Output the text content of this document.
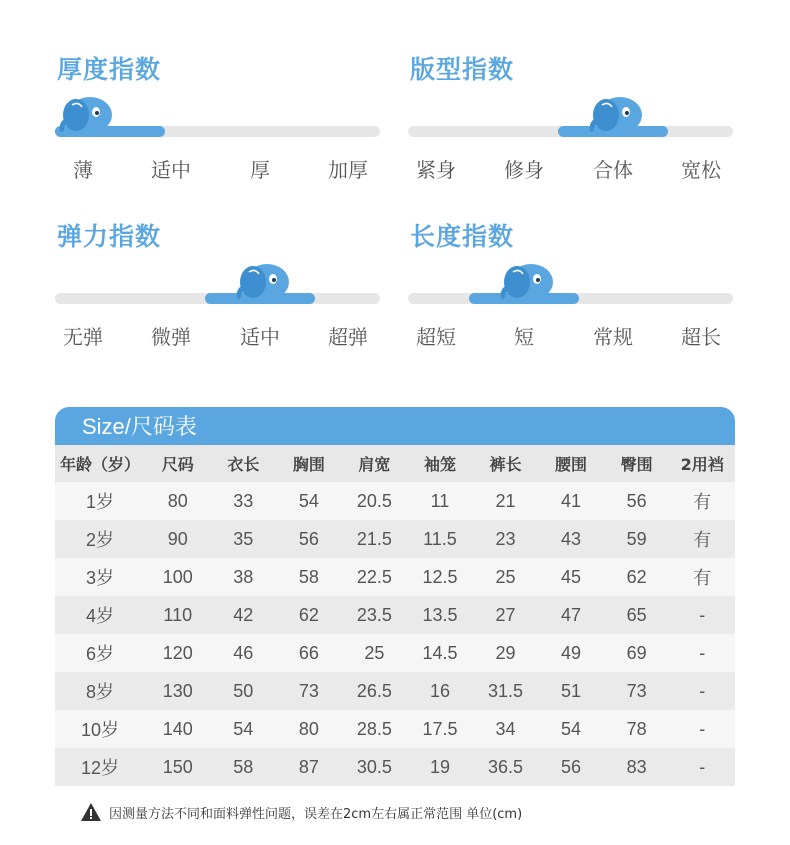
厚度指数
薄	适中	厚	加厚
版型指数
紧身 修身 合体 宽松
弹力指数
无弹 微弹 适中 超弹
长度指数
超短	短	常规 超长
Size/尺码表
年龄（岁）	尺码	衣长	胸围	肩宽	袖笼	裤长	腰围	臀围	2用裆
1岁	80	33	54	20.5	11	21	41	56	有
2岁	90	35	56	21.5	11.5	23	43	59	有
3岁	100	38	58	22.5	12.5	25	45	62	有
4岁	110	42	62	23.5	13.5	27	47	65	-
6岁	120	46	66	25	14.5	29	49	69	-
8岁	130	50	73	26.5	16	31.5	51	73	-
10岁	140	54	80	28.5	17.5	34	54	78	-
12岁	150	58	87	30.5	19	36.5	56	83	-
因测量方法不同和面料弹性问题，误差在2cm左右属正常范围 单位(cm)
